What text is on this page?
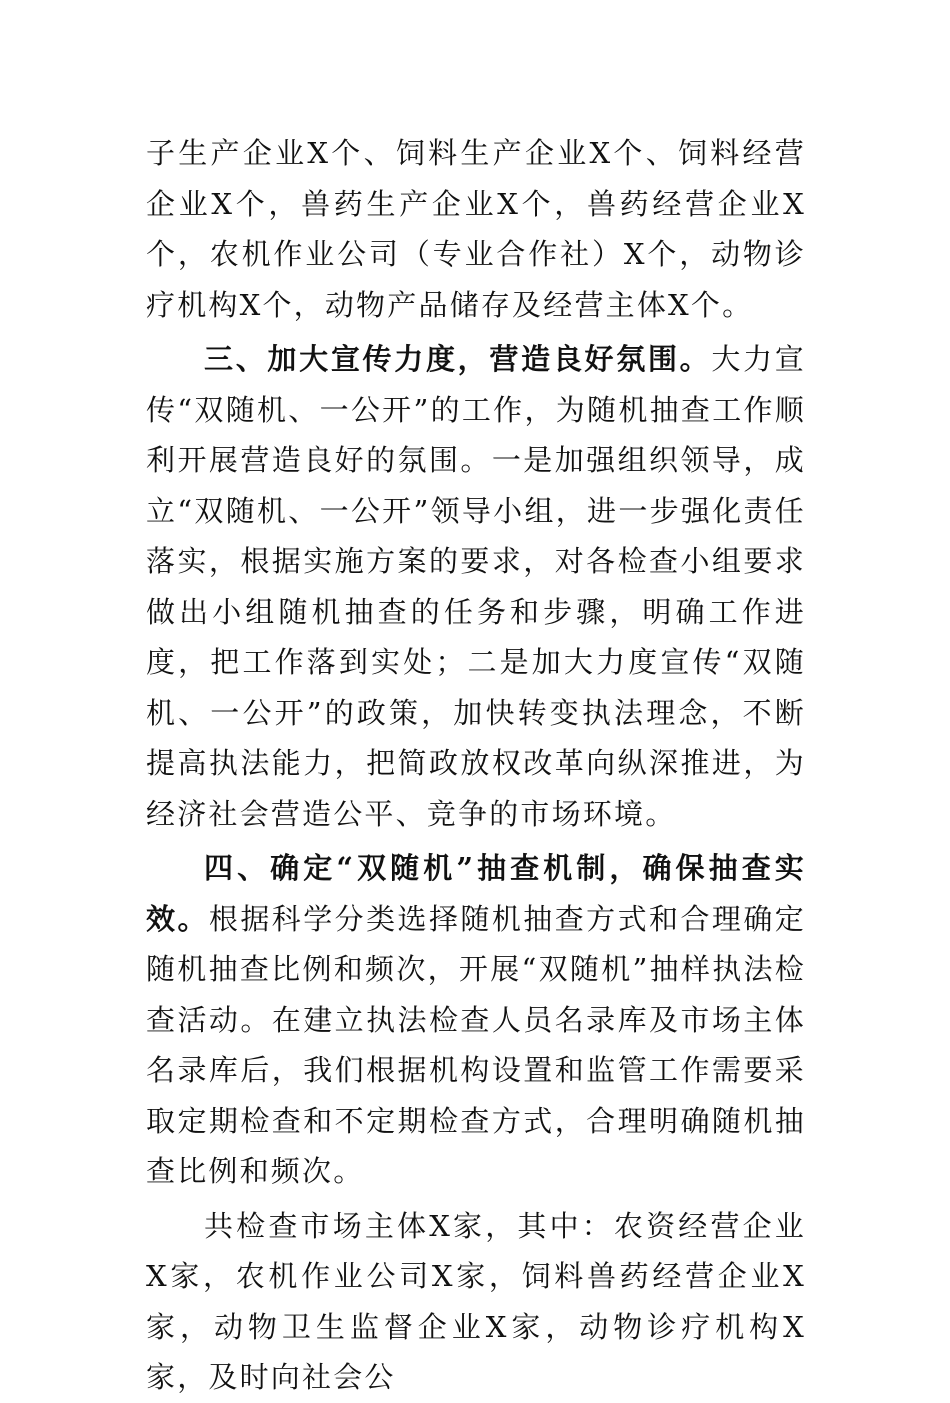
子生产企业X个、饲料生产企业X个、饲料经营企业X个，兽药生产企业X个，兽药经营企业X个，农机作业公司（专业合作社）X个，动物诊疗机构X个，动物产品储存及经营主体X个。

三、加大宣传力度，营造良好氛围。大力宣传“双随机、一公开”的工作，为随机抽查工作顺利开展营造良好的氛围。一是加强组织领导，成立“双随机、一公开”领导小组，进一步强化责任落实，根据实施方案的要求，对各检查小组要求做出小组随机抽查的任务和步骤，明确工作进度，把工作落到实处；二是加大力度宣传“双随机、一公开”的政策，加快转变执法理念，不断提高执法能力，把简政放权改革向纵深推进，为经济社会营造公平、竞争的市场环境。

四、确定“双随机”抽查机制，确保抽查实效。根据科学分类选择随机抽查方式和合理确定随机抽查比例和频次，开展“双随机”抽样执法检查活动。在建立执法检查人员名录库及市场主体名录库后，我们根据机构设置和监管工作需要采取定期检查和不定期检查方式，合理明确随机抽查比例和频次。

共检查市场主体X家，其中：农资经营企业X家，农机作业公司X家，饲料兽药经营企业X家，动物卫生监督企业X家，动物诊疗机构X家，及时向社会公
